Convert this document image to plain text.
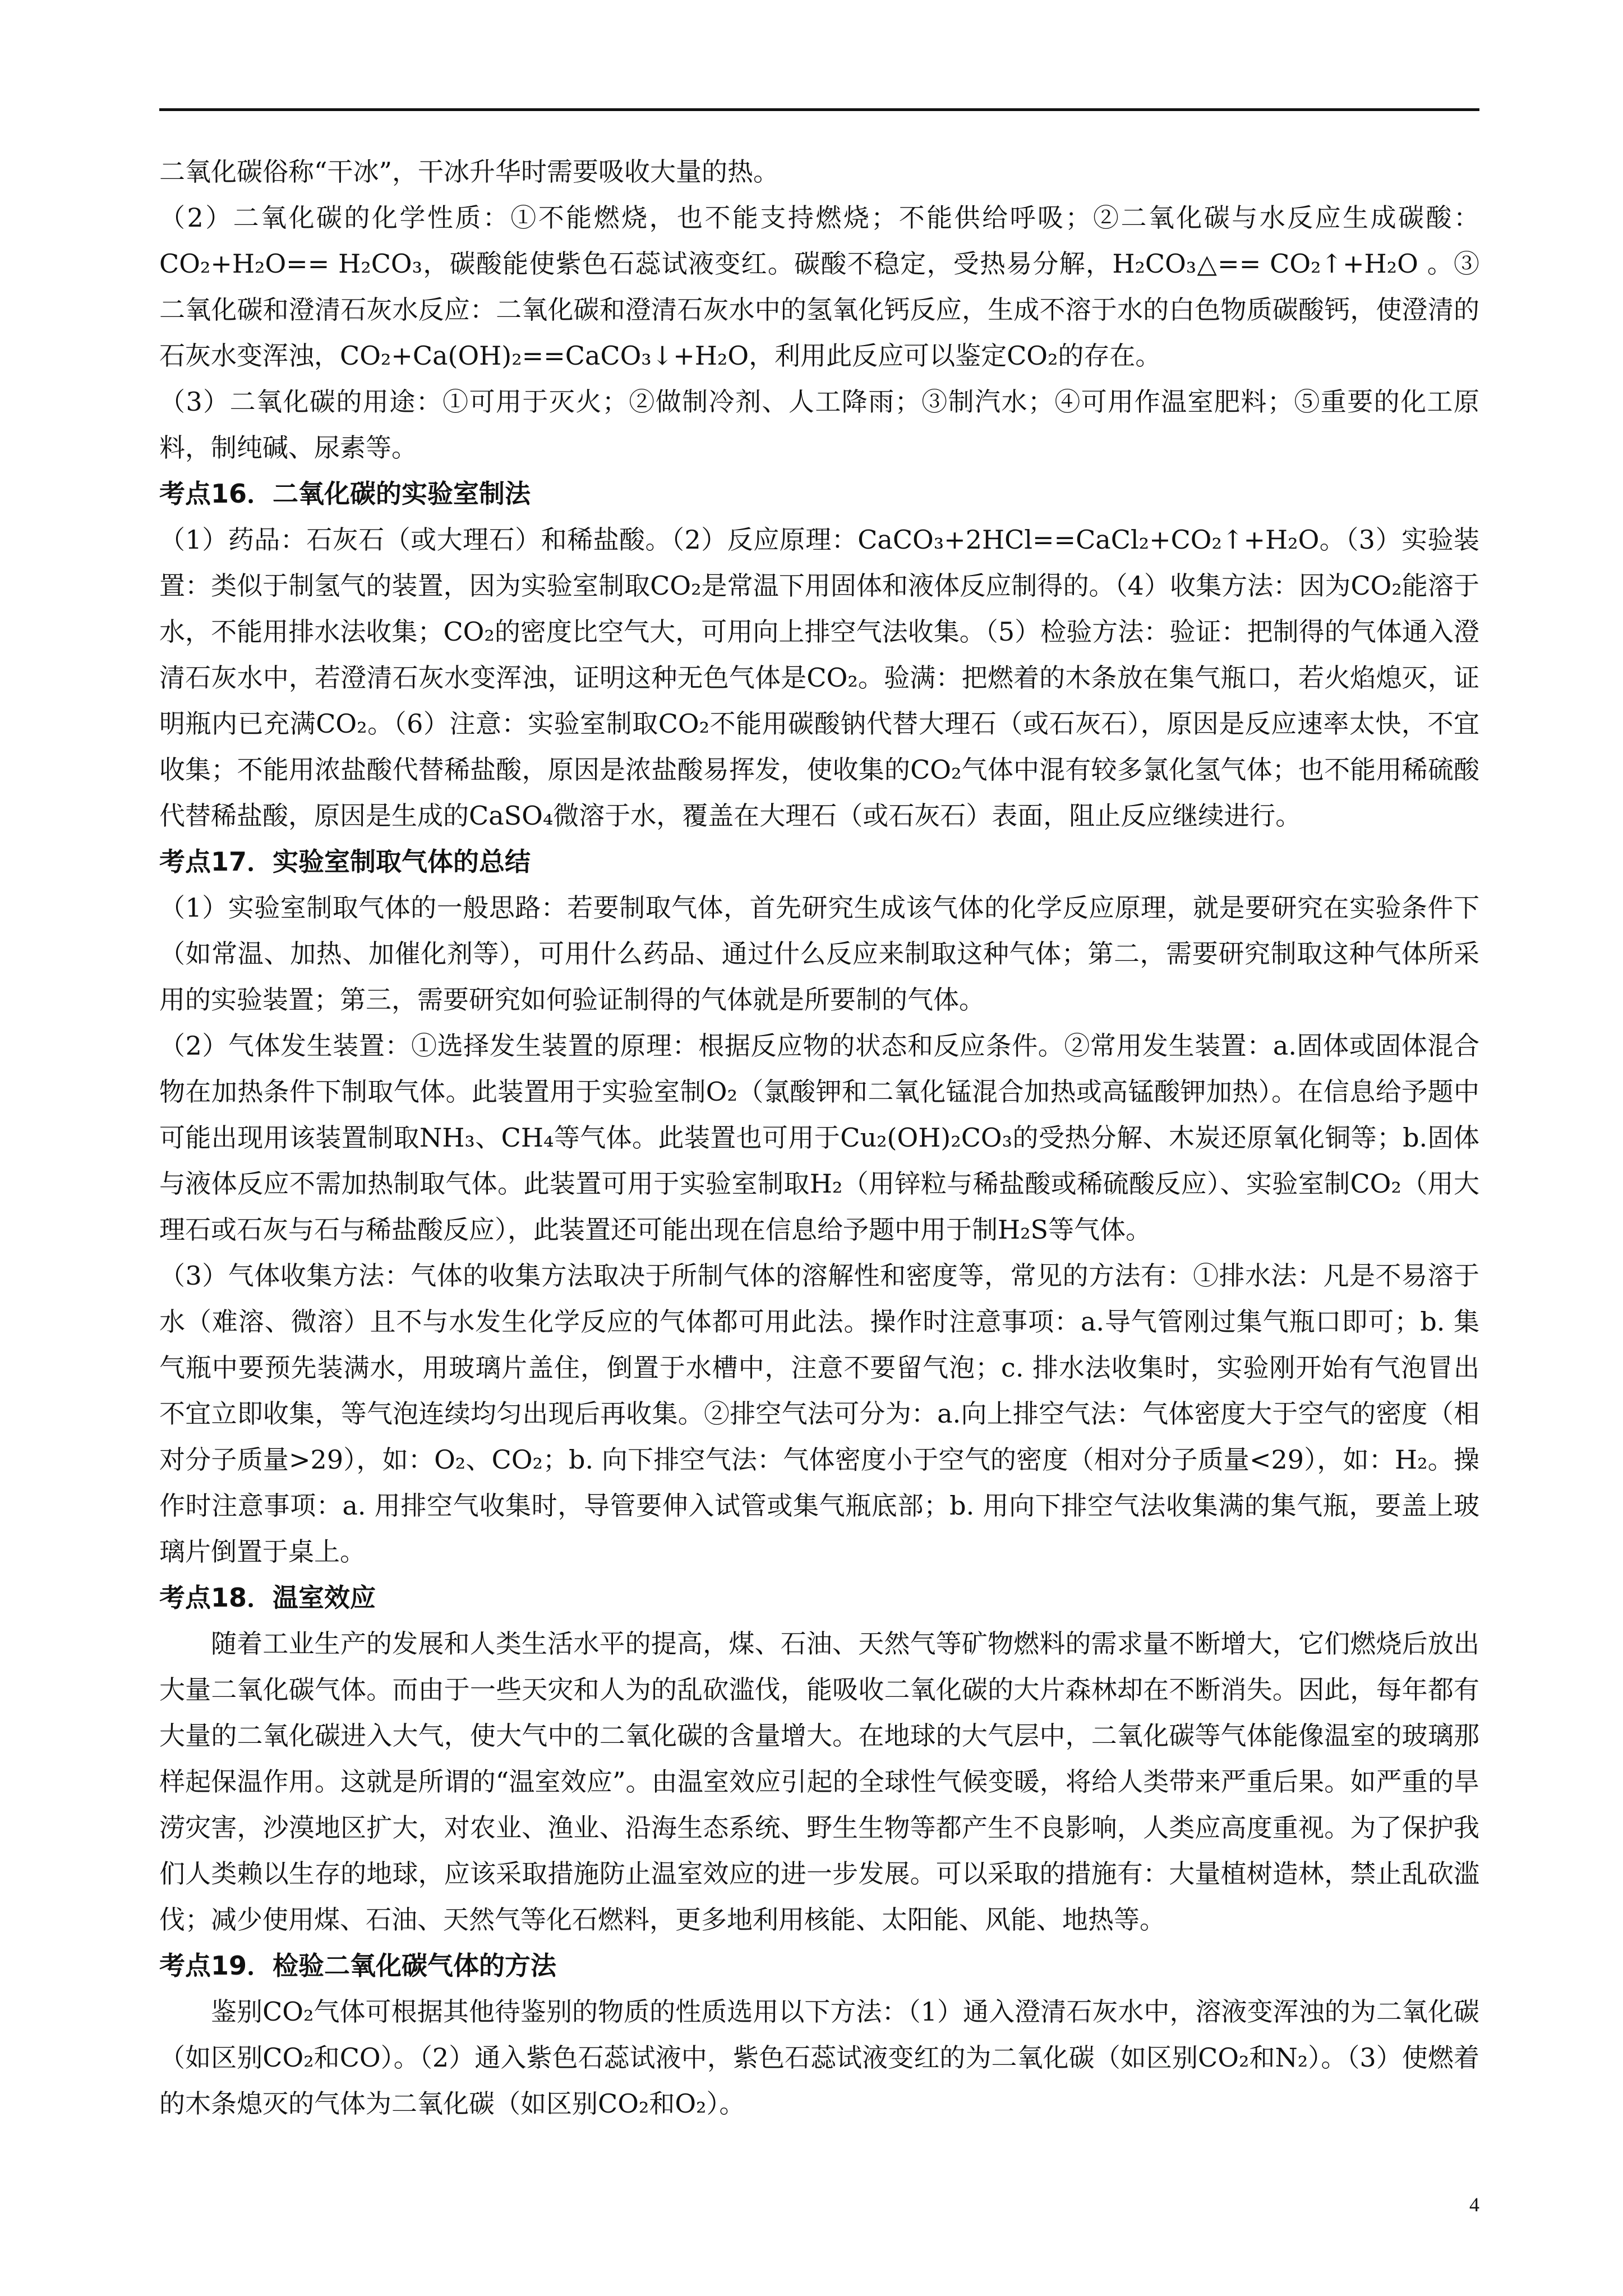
二氧化碳俗称“干冰”，干冰升华时需要吸收大量的热。

（2）二氧化碳的化学性质：①不能燃烧，也不能支持燃烧；不能供给呼吸；②二氧化碳与水反应生成碳酸：CO₂+H₂O== H₂CO₃，碳酸能使紫色石蕊试液变红。碳酸不稳定，受热易分解，H₂CO₃△== CO₂↑+H₂O 。③二氧化碳和澄清石灰水反应：二氧化碳和澄清石灰水中的氢氧化钙反应，生成不溶于水的白色物质碳酸钙，使澄清的石灰水变浑浊，CO₂+Ca(OH)₂==CaCO₃↓+H₂O，利用此反应可以鉴定CO₂的存在。

（3）二氧化碳的用途：①可用于灭火；②做制冷剂、人工降雨；③制汽水；④可用作温室肥料；⑤重要的化工原料，制纯碱、尿素等。

考点16．二氧化碳的实验室制法

（1）药品：石灰石（或大理石）和稀盐酸。（2）反应原理：CaCO₃+2HCl==CaCl₂+CO₂↑+H₂O。（3）实验装置：类似于制氢气的装置，因为实验室制取CO₂是常温下用固体和液体反应制得的。（4）收集方法：因为CO₂能溶于水，不能用排水法收集；CO₂的密度比空气大，可用向上排空气法收集。（5）检验方法：验证：把制得的气体通入澄清石灰水中，若澄清石灰水变浑浊，证明这种无色气体是CO₂。验满：把燃着的木条放在集气瓶口，若火焰熄灭，证明瓶内已充满CO₂。（6）注意：实验室制取CO₂不能用碳酸钠代替大理石（或石灰石），原因是反应速率太快，不宜收集；不能用浓盐酸代替稀盐酸，原因是浓盐酸易挥发，使收集的CO₂气体中混有较多氯化氢气体；也不能用稀硫酸代替稀盐酸，原因是生成的CaSO₄微溶于水，覆盖在大理石（或石灰石）表面，阻止反应继续进行。

考点17．实验室制取气体的总结

（1）实验室制取气体的一般思路：若要制取气体，首先研究生成该气体的化学反应原理，就是要研究在实验条件下（如常温、加热、加催化剂等），可用什么药品、通过什么反应来制取这种气体；第二，需要研究制取这种气体所采用的实验装置；第三，需要研究如何验证制得的气体就是所要制的气体。

（2）气体发生装置：①选择发生装置的原理：根据反应物的状态和反应条件。②常用发生装置：a.固体或固体混合物在加热条件下制取气体。此装置用于实验室制O₂（氯酸钾和二氧化锰混合加热或高锰酸钾加热）。在信息给予题中可能出现用该装置制取NH₃、CH₄等气体。此装置也可用于Cu₂(OH)₂CO₃的受热分解、木炭还原氧化铜等；b.固体与液体反应不需加热制取气体。此装置可用于实验室制取H₂（用锌粒与稀盐酸或稀硫酸反应）、实验室制CO₂（用大理石或石灰与石与稀盐酸反应），此装置还可能出现在信息给予题中用于制H₂S等气体。

（3）气体收集方法：气体的收集方法取决于所制气体的溶解性和密度等，常见的方法有：①排水法：凡是不易溶于水（难溶、微溶）且不与水发生化学反应的气体都可用此法。操作时注意事项：a.导气管刚过集气瓶口即可；b. 集气瓶中要预先装满水，用玻璃片盖住，倒置于水槽中，注意不要留气泡；c. 排水法收集时，实验刚开始有气泡冒出不宜立即收集，等气泡连续均匀出现后再收集。②排空气法可分为：a.向上排空气法：气体密度大于空气的密度（相对分子质量>29），如：O₂、CO₂；b. 向下排空气法：气体密度小于空气的密度（相对分子质量<29），如：H₂。操作时注意事项：a. 用排空气收集时，导管要伸入试管或集气瓶底部；b. 用向下排空气法收集满的集气瓶，要盖上玻璃片倒置于桌上。

考点18．温室效应

随着工业生产的发展和人类生活水平的提高，煤、石油、天然气等矿物燃料的需求量不断增大，它们燃烧后放出大量二氧化碳气体。而由于一些天灾和人为的乱砍滥伐，能吸收二氧化碳的大片森林却在不断消失。因此，每年都有大量的二氧化碳进入大气，使大气中的二氧化碳的含量增大。在地球的大气层中，二氧化碳等气体能像温室的玻璃那样起保温作用。这就是所谓的“温室效应”。由温室效应引起的全球性气候变暖，将给人类带来严重后果。如严重的旱涝灾害，沙漠地区扩大，对农业、渔业、沿海生态系统、野生生物等都产生不良影响，人类应高度重视。为了保护我们人类赖以生存的地球，应该采取措施防止温室效应的进一步发展。可以采取的措施有：大量植树造林，禁止乱砍滥伐；减少使用煤、石油、天然气等化石燃料，更多地利用核能、太阳能、风能、地热等。

考点19．检验二氧化碳气体的方法

鉴别CO₂气体可根据其他待鉴别的物质的性质选用以下方法：（1）通入澄清石灰水中，溶液变浑浊的为二氧化碳（如区别CO₂和CO）。（2）通入紫色石蕊试液中，紫色石蕊试液变红的为二氧化碳（如区别CO₂和N₂）。（3）使燃着的木条熄灭的气体为二氧化碳（如区别CO₂和O₂）。

4
